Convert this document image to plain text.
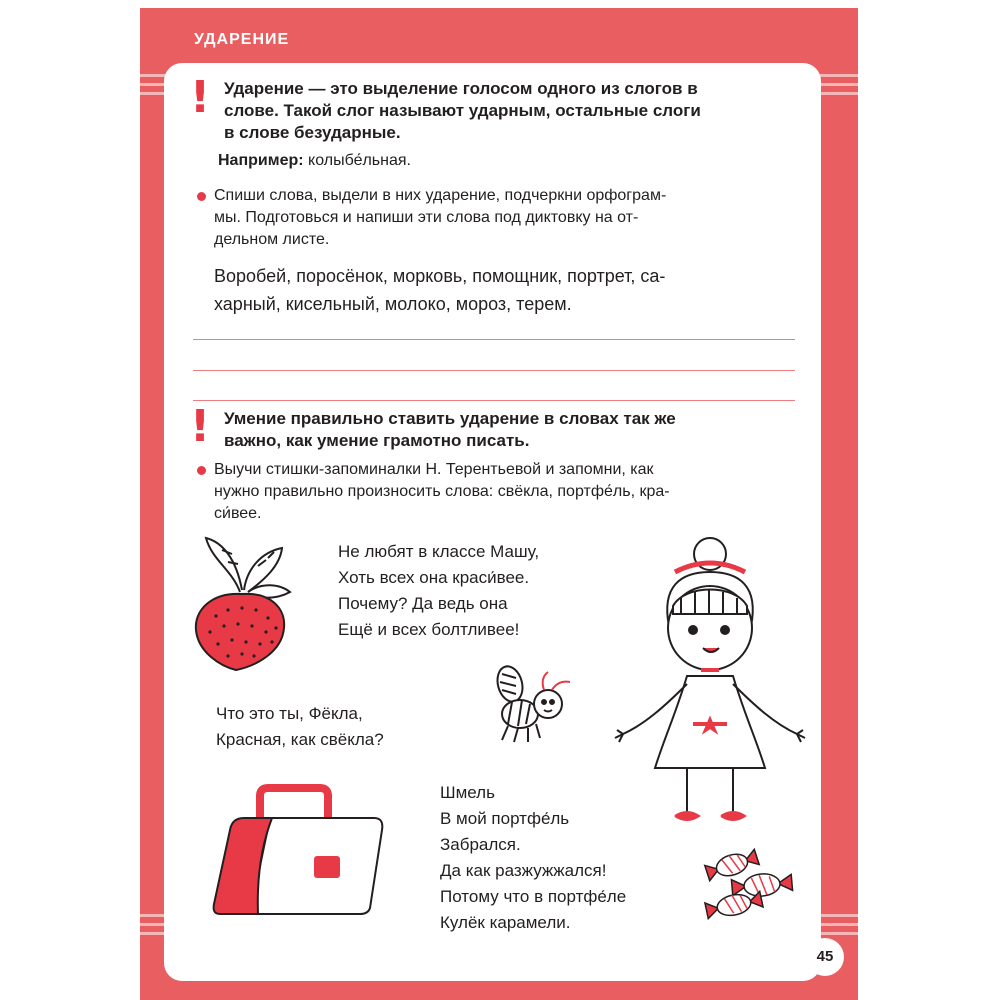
УДАРЕНИЕ
! Ударение — это выделение голосом одного из слогов в
слове. Такой слог называют ударным, остальные слоги
в слове безударные.
Например: колыбе́льная.
Спиши слова, выдели в них ударение, подчеркни орфограм-
мы. Подготовься и напиши эти слова под диктовку на от-
дельном листе.
Воробей, поросёнок, морковь, помощник, портрет, са-
харный, кисельный, молоко, мороз, терем.
! Умение правильно ставить ударение в словах так же
важно, как умение грамотно писать.
Выучи стишки-запоминалки Н. Терентьевой и запомни, как
нужно правильно произносить слова: свёкла, портфе́ль, кра-
си́вее.
Не любят в классе Машу,
Хоть всех она краси́вее.
Почему? Да ведь она
Ещё и всех болтливее!
Что это ты, Фёкла,
Красная, как свёкла?
Шмель
В мой портфе́ль
Забрался.
Да как разжужжался!
Потому что в портфе́ле
Кулёк карамели.
45
